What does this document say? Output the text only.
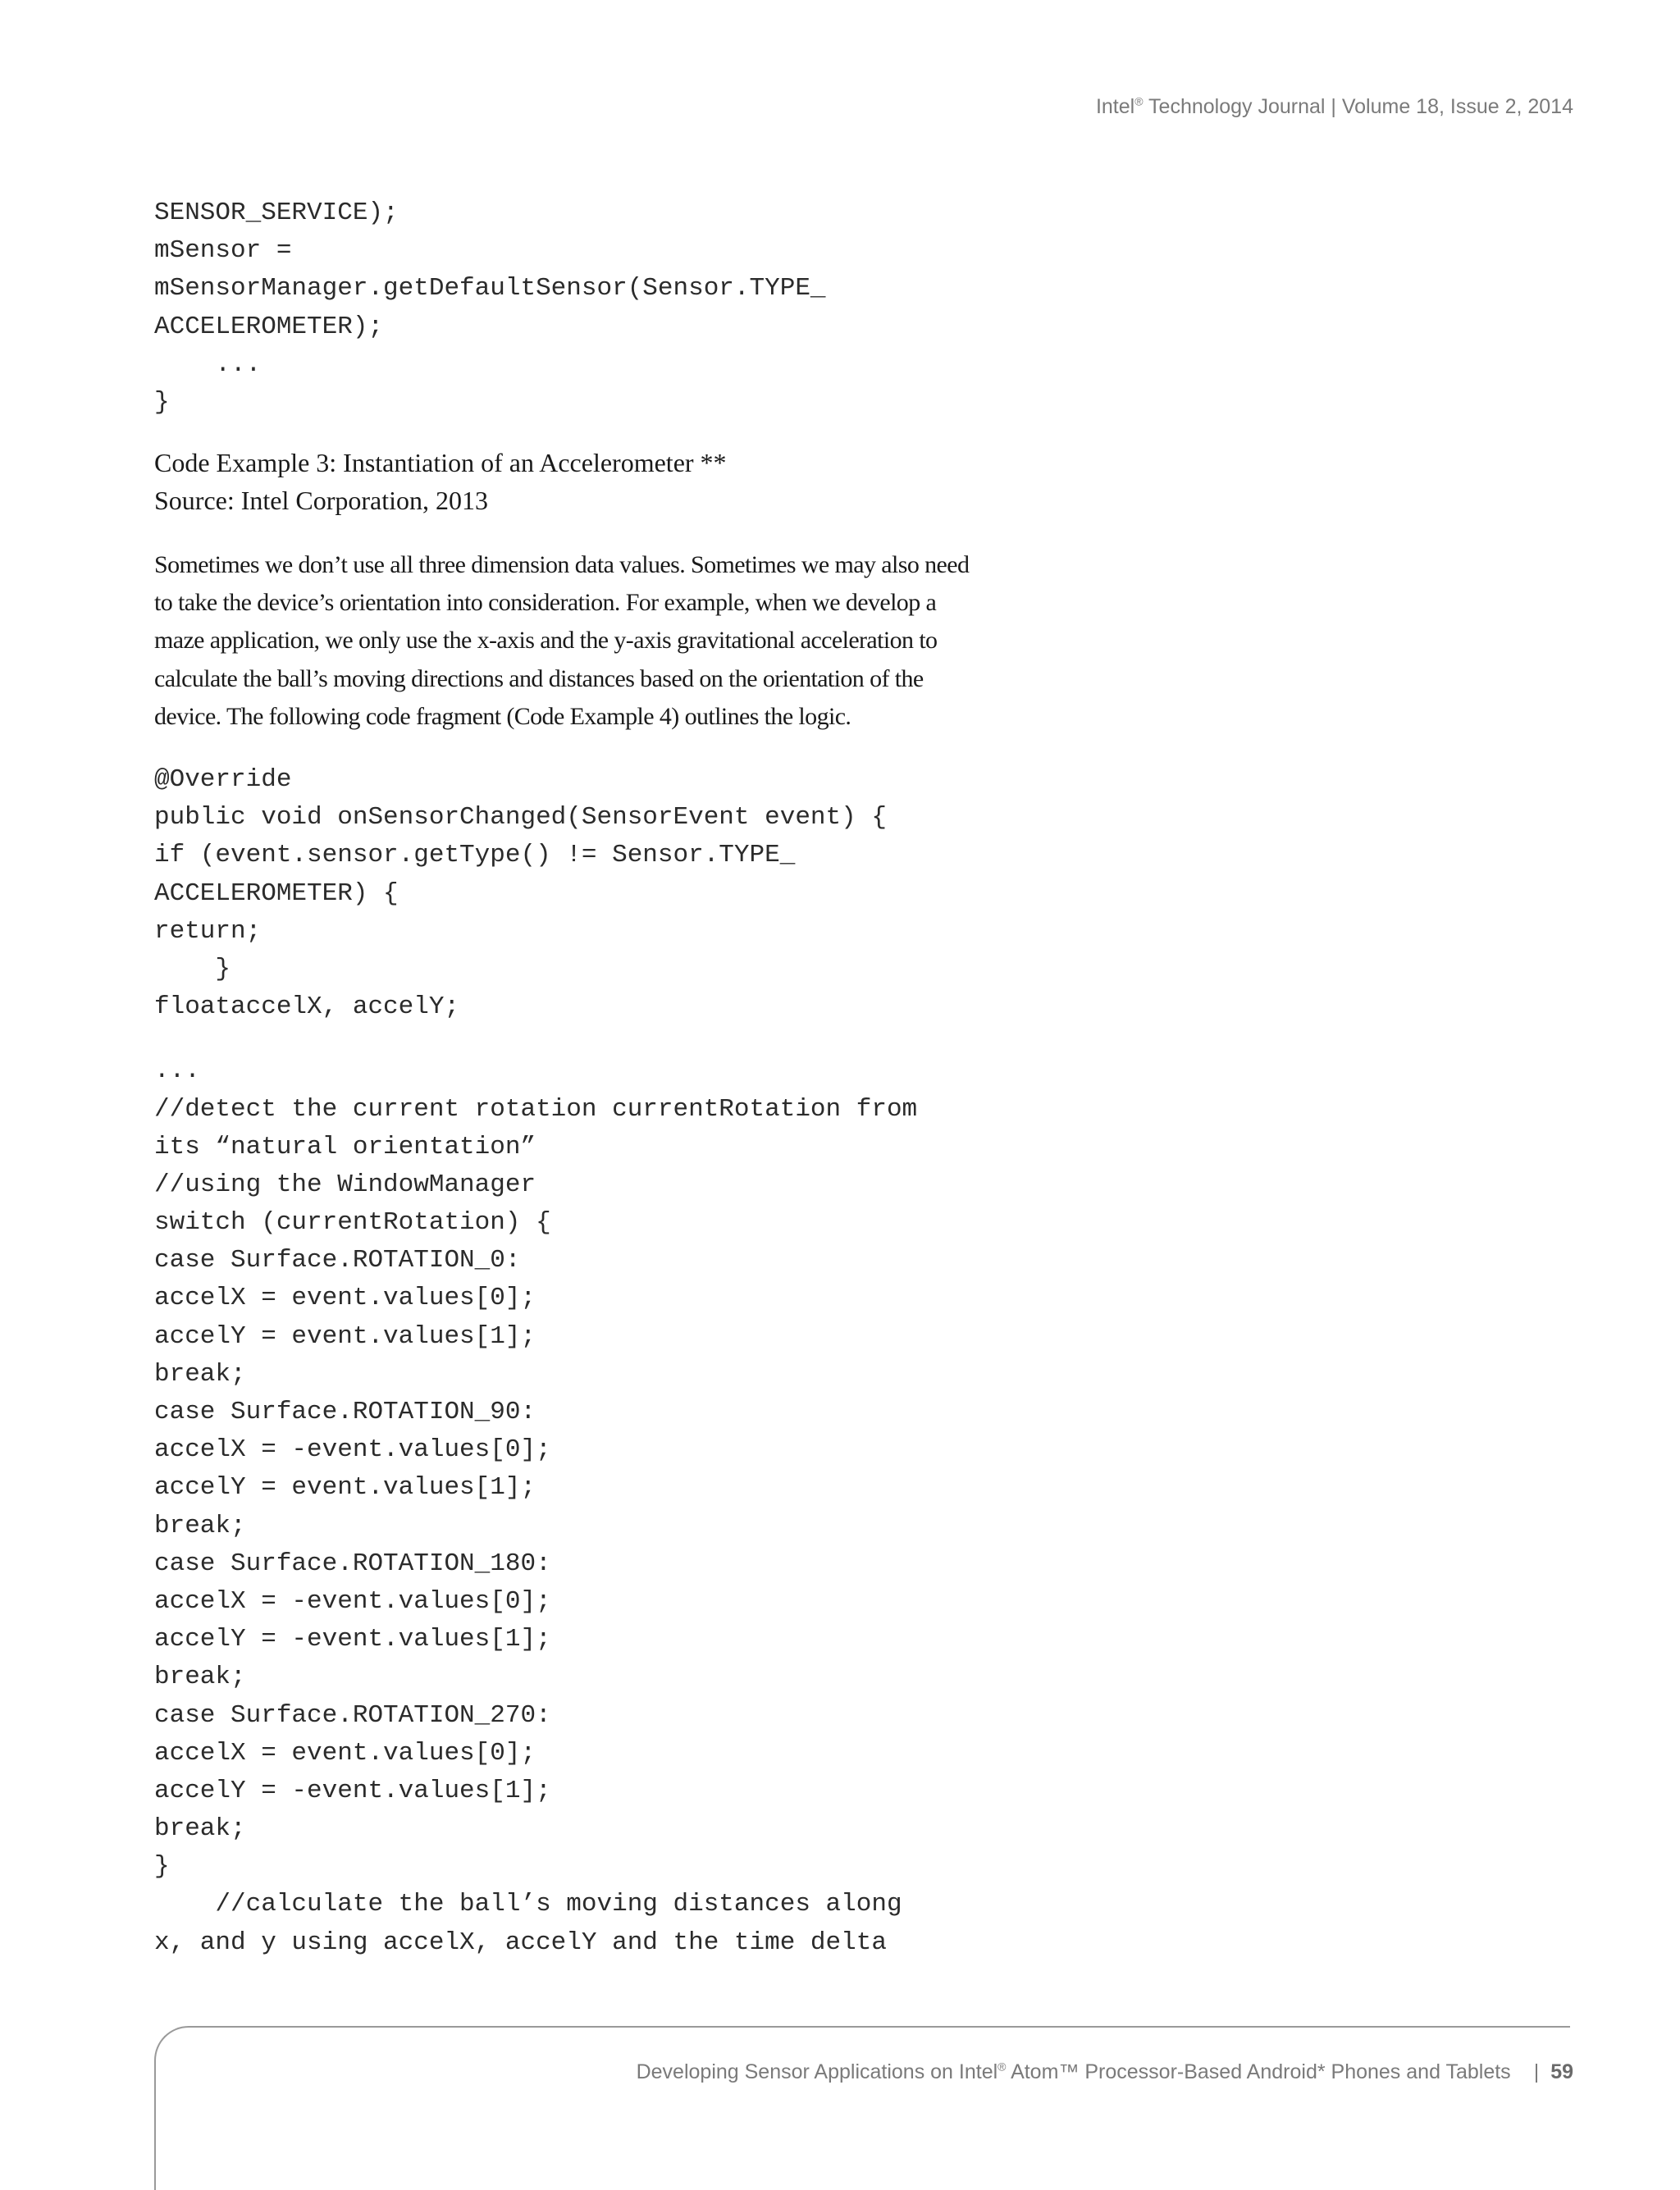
Intel® Technology Journal | Volume 18, Issue 2, 2014
SENSOR_SERVICE);
mSensor =
mSensorManager.getDefaultSensor(Sensor.TYPE_
ACCELEROMETER);
...
}
Code Example 3: Instantiation of an Accelerometer **
Source: Intel Corporation, 2013
Sometimes we don’t use all three dimension data values. Sometimes we may also need
to take the device’s orientation into consideration. For example, when we develop a
maze application, we only use the x-axis and the y-axis gravitational acceleration to
calculate the ball’s moving directions and distances based on the orientation of the
device. The following code fragment (Code Example 4) outlines the logic.
@Override
public void onSensorChanged(SensorEvent event) {
if (event.sensor.getType() != Sensor.TYPE_
ACCELEROMETER) {
return;
}
floataccelX, accelY;
...
//detect the current rotation currentRotation from
its “natural orientation”
//using the WindowManager
switch (currentRotation) {
case Surface.ROTATION_0:
accelX = event.values[0];
accelY = event.values[1];
break;
case Surface.ROTATION_90:
accelX = -event.values[0];
accelY = event.values[1];
break;
case Surface.ROTATION_180:
accelX = -event.values[0];
accelY = -event.values[1];
break;
case Surface.ROTATION_270:
accelX = event.values[0];
accelY = -event.values[1];
break;
}
//calculate the ball’s moving distances along
x, and y using accelX, accelY and the time delta
Developing Sensor Applications on Intel® Atom™ Processor-Based Android* Phones and Tablets | 59
